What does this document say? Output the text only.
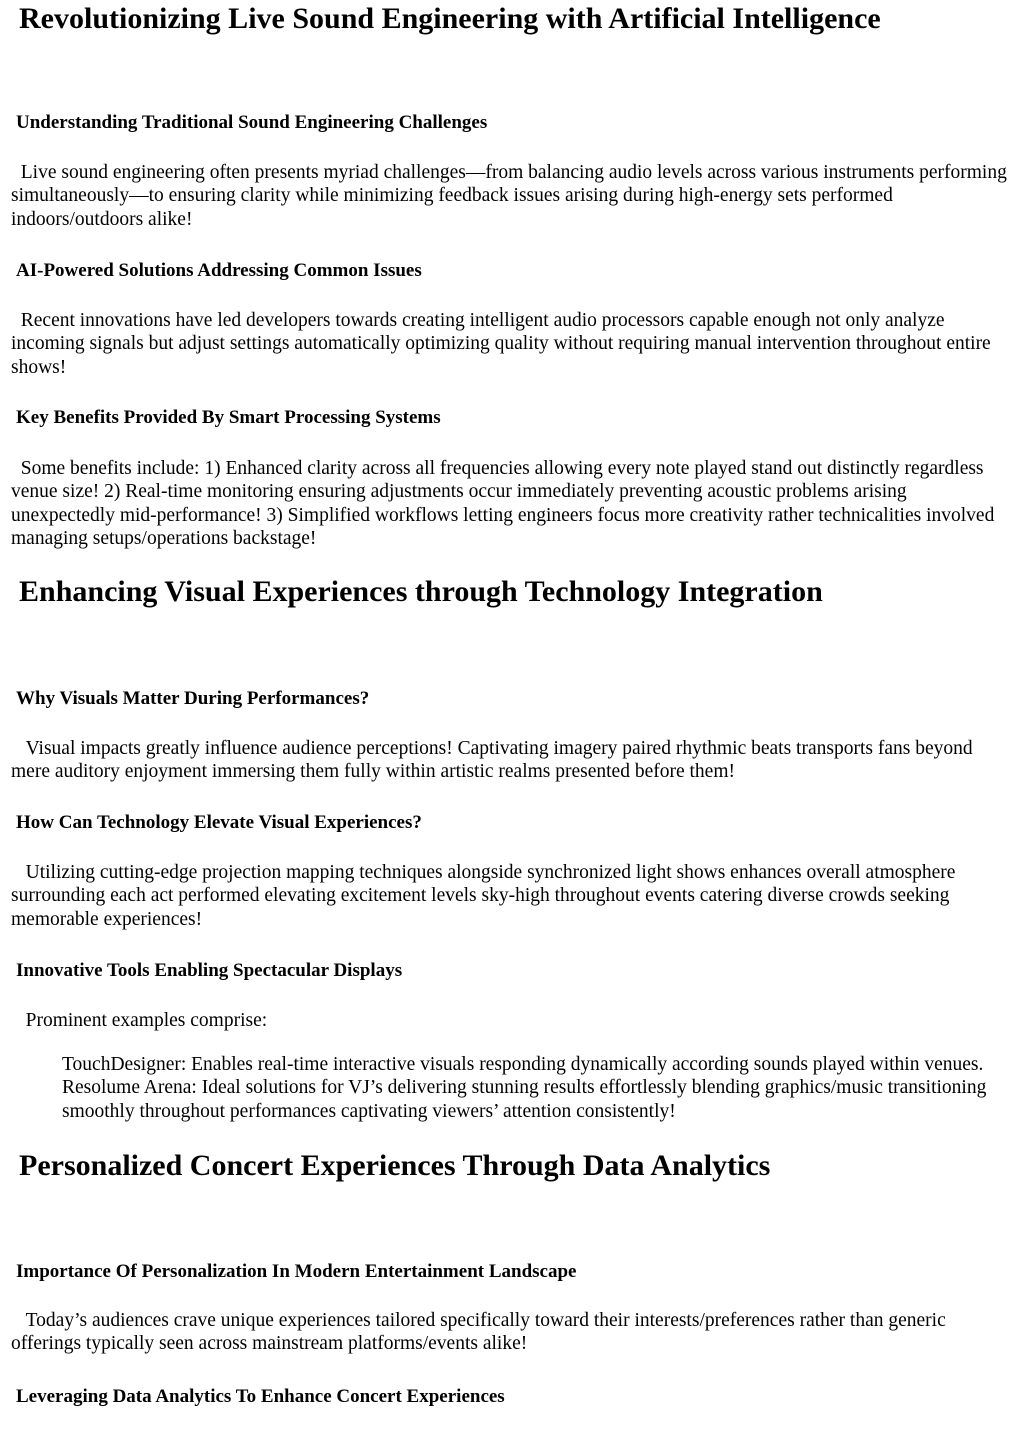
Revolutionizing Live Sound Engineering with Artificial Intelligence
Understanding Traditional Sound Engineering Challenges

Live sound engineering often presents myriad challenges—from balancing audio levels across various instruments performing simultaneously—to ensuring clarity while minimizing feedback issues arising during high-energy sets performed indoors/outdoors alike!

AI-Powered Solutions Addressing Common Issues

Recent innovations have led developers towards creating intelligent audio processors capable enough not only analyze incoming signals but adjust settings automatically optimizing quality without requiring manual intervention throughout entire shows!

Key Benefits Provided By Smart Processing Systems

Some benefits include: 1) Enhanced clarity across all frequencies allowing every note played stand out distinctly regardless venue size! 2) Real-time monitoring ensuring adjustments occur immediately preventing acoustic problems arising unexpectedly mid-performance! 3) Simplified workflows letting engineers focus more creativity rather technicalities involved managing setups/operations backstage!

Enhancing Visual Experiences through Technology Integration
Why Visuals Matter During Performances?

Visual impacts greatly influence audience perceptions! Captivating imagery paired rhythmic beats transports fans beyond mere auditory enjoyment immersing them fully within artistic realms presented before them!

How Can Technology Elevate Visual Experiences?

Utilizing cutting-edge projection mapping techniques alongside synchronized light shows enhances overall atmosphere surrounding each act performed elevating excitement levels sky-high throughout events catering diverse crowds seeking memorable experiences!

Innovative Tools Enabling Spectacular Displays

Prominent examples comprise:

TouchDesigner: Enables real-time interactive visuals responding dynamically according sounds played within venues. Resolume Arena: Ideal solutions for VJ’s delivering stunning results effortlessly blending graphics/music transitioning smoothly throughout performances captivating viewers’ attention consistently!
Personalized Concert Experiences Through Data Analytics
Importance Of Personalization In Modern Entertainment Landscape

Today’s audiences crave unique experiences tailored specifically toward their interests/preferences rather than generic offerings typically seen across mainstream platforms/events alike!

Leveraging Data Analytics To Enhance Concert Experiences
